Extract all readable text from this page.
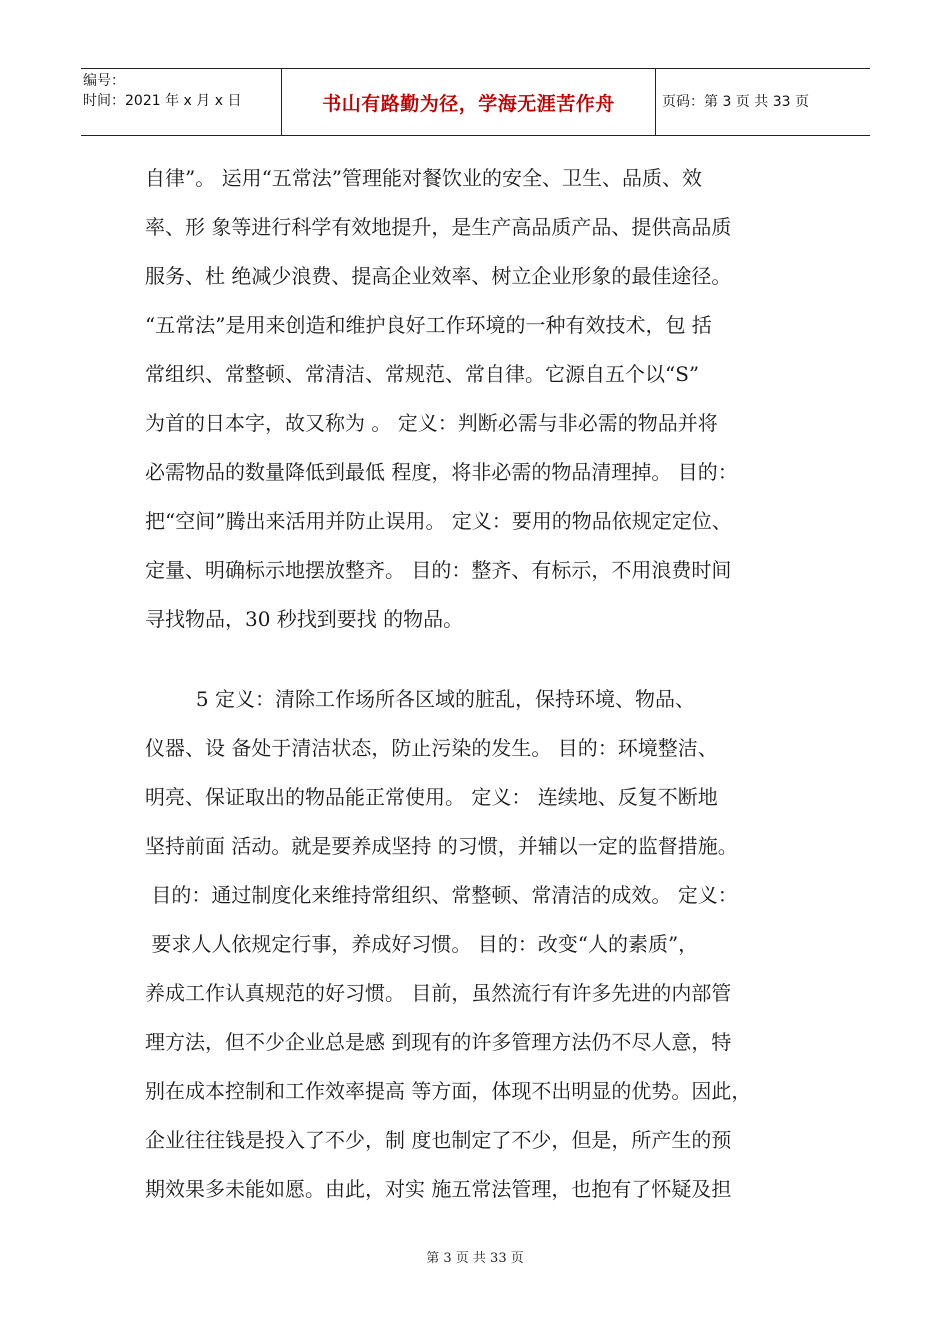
编号：
时间：2021 年 x 月 x 日	书山有路勤为径，学海无涯苦作舟	页码：第 3 页 共 33 页
自律”。 运用“五常法”管理能对餐饮业的安全、卫生、品质、效
率、形 象等进行科学有效地提升，是生产高品质产品、提供高品质
服务、杜 绝减少浪费、提高企业效率、树立企业形象的最佳途径。
“五常法”是用来创造和维护良好工作环境的一种有效技术，包 括
常组织、常整顿、常清洁、常规范、常自律。它源自五个以“S”
为首的日本字，故又称为 。 定义：判断必需与非必需的物品并将
必需物品的数量降低到最低 程度，将非必需的物品清理掉。 目的：
把“空间”腾出来活用并防止误用。 定义：要用的物品依规定定位、
定量、明确标示地摆放整齐。 目的：整齐、有标示，不用浪费时间
寻找物品，30 秒找到要找 的物品。
5 定义：清除工作场所各区域的脏乱，保持环境、物品、
仪器、设 备处于清洁状态，防止污染的发生。 目的：环境整洁、
明亮、保证取出的物品能正常使用。 定义： 连续地、反复不断地
坚持前面 活动。就是要养成坚持 的习惯，并辅以一定的监督措施。
目的：通过制度化来维持常组织、常整顿、常清洁的成效。 定义：
要求人人依规定行事，养成好习惯。 目的：改变“人的素质”，
养成工作认真规范的好习惯。 目前，虽然流行有许多先进的内部管
理方法，但不少企业总是感 到现有的许多管理方法仍不尽人意，特
别在成本控制和工作效率提高 等方面，体现不出明显的优势。因此，
企业往往钱是投入了不少，制 度也制定了不少，但是，所产生的预
期效果多未能如愿。由此，对实 施五常法管理，也抱有了怀疑及担
第 3 页 共 33 页
